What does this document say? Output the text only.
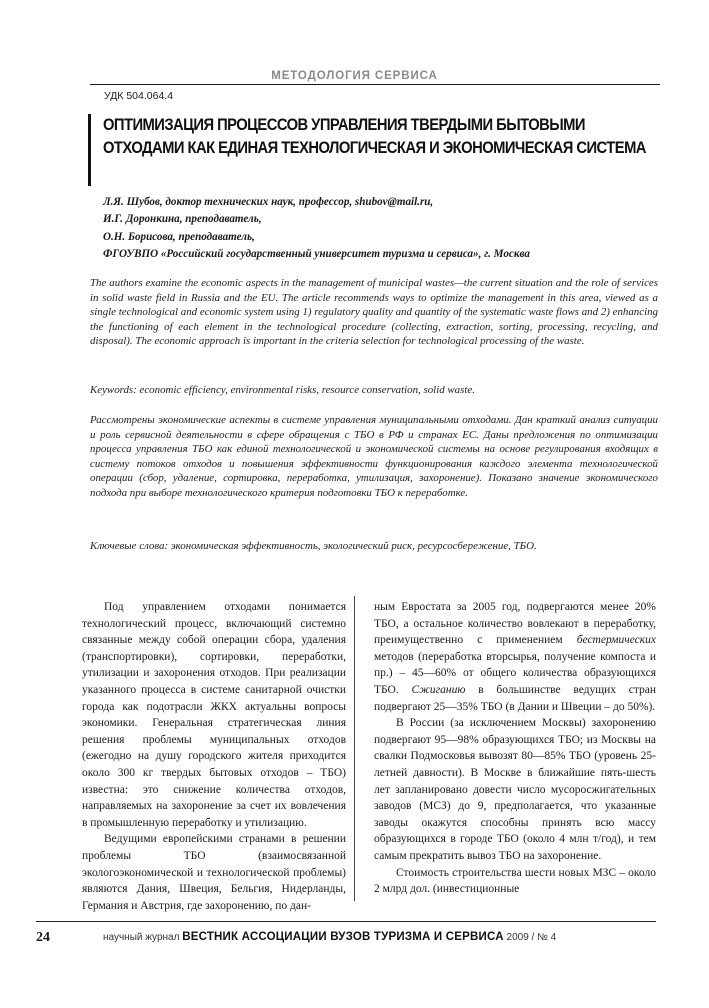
МЕТОДОЛОГИЯ СЕРВИСА
УДК 504.064.4
ОПТИМИЗАЦИЯ ПРОЦЕССОВ УПРАВЛЕНИЯ ТВЕРДЫМИ БЫТОВЫМИ ОТХОДАМИ КАК ЕДИНАЯ ТЕХНОЛОГИЧЕСКАЯ И ЭКОНОМИЧЕСКАЯ СИСТЕМА
Л.Я. Шубов, доктор технических наук, профессор, shubov@mail.ru,
И.Г. Доронкина, преподаватель,
О.Н. Борисова, преподаватель,
ФГОУВПО «Российский государственный университет туризма и сервиса», г. Москва

The authors examine the economic aspects in the management of municipal wastes—the current situation and the role of services in solid waste field in Russia and the EU. The article recommends ways to optimize the management in this area, viewed as a single technological and economic system using 1) regulatory quality and quantity of the systematic waste flows and 2) enhancing the functioning of each element in the technological procedure (collecting, extraction, sorting, processing, recycling, and disposal). The economic approach is important in the criteria selection for technological processing of the waste.

Keywords: economic efficiency, environmental risks, resource conservation, solid waste.

Рассмотрены экономические аспекты в системе управления муниципальными отходами. Дан краткий анализ ситуации и роль сервисной деятельности в сфере обращения с ТБО в РФ и странах ЕС. Даны предложения по оптимизации процесса управления ТБО как единой технологической и экономической системы на основе регулирования входящих в систему потоков отходов и повышения эффективности функционирования каждого элемента технологической операции (сбор, удаление, сортировка, переработка, утилизация, захоронение). Показано значение экономического подхода при выборе технологического критерия подготовки ТБО к переработке.

Ключевые слова: экономическая эффективность, экологический риск, ресурсосбережение, ТБО.

Под управлением отходами понимается технологический процесс, включающий системно связанные между собой операции сбора, удаления (транспортировки), сортировки, переработки, утилизации и захоронения отходов. При реализации указанного процесса в системе санитарной очистки города как подотрасли ЖКХ актуальны вопросы экономики. Генеральная стратегическая линия решения проблемы муниципальных отходов (ежегодно на душу городского жителя приходится около 300 кг твердых бытовых отходов – ТБО) известна: это снижение количества отходов, направляемых на захоронение за счет их вовлечения в промышленную переработку и утилизацию.

Ведущими европейскими странами в решении проблемы ТБО (взаимосвязанной экологоэкономической и технологической проблемы) являются Дания, Швеция, Бельгия, Нидерланды, Германия и Австрия, где захоронению, по дан-

ным Евростата за 2005 год, подвергаются менее 20% ТБО, а остальное количество вовлекают в переработку, преимущественно с применением бестермических методов (переработка вторсырья, получение компоста и пр.) – 45—60% от общего количества образующихся ТБО. Сжиганию в большинстве ведущих стран подвергают 25—35% ТБО (в Дании и Швеции – до 50%).

В России (за исключением Москвы) захоронению подвергают 95—98% образующихся ТБО; из Москвы на свалки Подмосковья вывозят 80—85% ТБО (уровень 25-летней давности). В Москве в ближайшие пять-шесть лет запланировано довести число мусоросжигательных заводов (МСЗ) до 9, предполагается, что указанные заводы окажутся способны принять всю массу образующихся в городе ТБО (около 4 млн т/год), и тем самым прекратить вывоз ТБО на захоронение.

Стоимость строительства шести новых МЗС – около 2 млрд дол. (инвестиционные

24	научный журнал ВЕСТНИК АССОЦИАЦИИ ВУЗОВ ТУРИЗМА И СЕРВИСА 2009 / № 4
